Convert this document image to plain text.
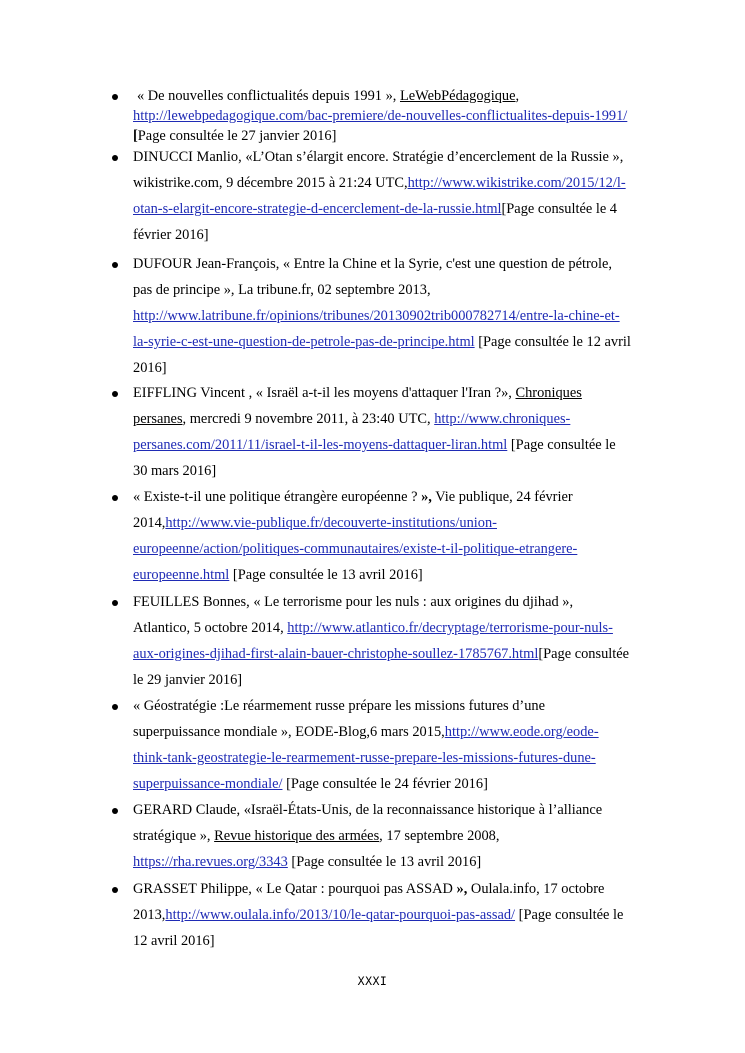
« De nouvelles conflictualités depuis 1991 », LeWebPédagogique,
http://lewebpedagogique.com/bac-premiere/de-nouvelles-conflictualites-depuis-1991/
[Page consultée le 27 janvier 2016]
DINUCCI Manlio, «L’Otan s’élargit encore. Stratégie d’encerclement de la Russie »,
wikistrike.com, 9 décembre 2015 à 21:24 UTC,http://www.wikistrike.com/2015/12/l-
otan-s-elargit-encore-strategie-d-encerclement-de-la-russie.html[Page consultée le 4
février 2016]
DUFOUR Jean-François, « Entre la Chine et la Syrie, c'est une question de pétrole,
pas de principe », La tribune.fr, 02 septembre 2013,
http://www.latribune.fr/opinions/tribunes/20130902trib000782714/entre-la-chine-et-
la-syrie-c-est-une-question-de-petrole-pas-de-principe.html [Page consultée le 12 avril
2016]
EIFFLING Vincent , « Israël a-t-il les moyens d'attaquer l'Iran ?», Chroniques
persanes, mercredi 9 novembre 2011, à 23:40 UTC, http://www.chroniques-
persanes.com/2011/11/israel-t-il-les-moyens-dattaquer-liran.html [Page consultée le
30 mars 2016]
« Existe-t-il une politique étrangère européenne ? », Vie publique, 24 février
2014,http://www.vie-publique.fr/decouverte-institutions/union-
europeenne/action/politiques-communautaires/existe-t-il-politique-etrangere-
europeenne.html [Page consultée le 13 avril 2016]
FEUILLES Bonnes, « Le terrorisme pour les nuls : aux origines du djihad »,
Atlantico, 5 octobre 2014, http://www.atlantico.fr/decryptage/terrorisme-pour-nuls-
aux-origines-djihad-first-alain-bauer-christophe-soullez-1785767.html[Page consultée
le 29 janvier 2016]
« Géostratégie :Le réarmement russe prépare les missions futures d’une
superpuissance mondiale », EODE-Blog,6 mars 2015,http://www.eode.org/eode-
think-tank-geostrategie-le-rearmement-russe-prepare-les-missions-futures-dune-
superpuissance-mondiale/ [Page consultée le 24 février 2016]
GERARD Claude, «Israël-États-Unis, de la reconnaissance historique à l’alliance
stratégique », Revue historique des armées, 17 septembre 2008,
https://rha.revues.org/3343 [Page consultée le 13 avril 2016]
GRASSET Philippe, « Le Qatar : pourquoi pas ASSAD », Oulala.info, 17 octobre
2013,http://www.oulala.info/2013/10/le-qatar-pourquoi-pas-assad/ [Page consultée le
12 avril 2016]
XXXI
